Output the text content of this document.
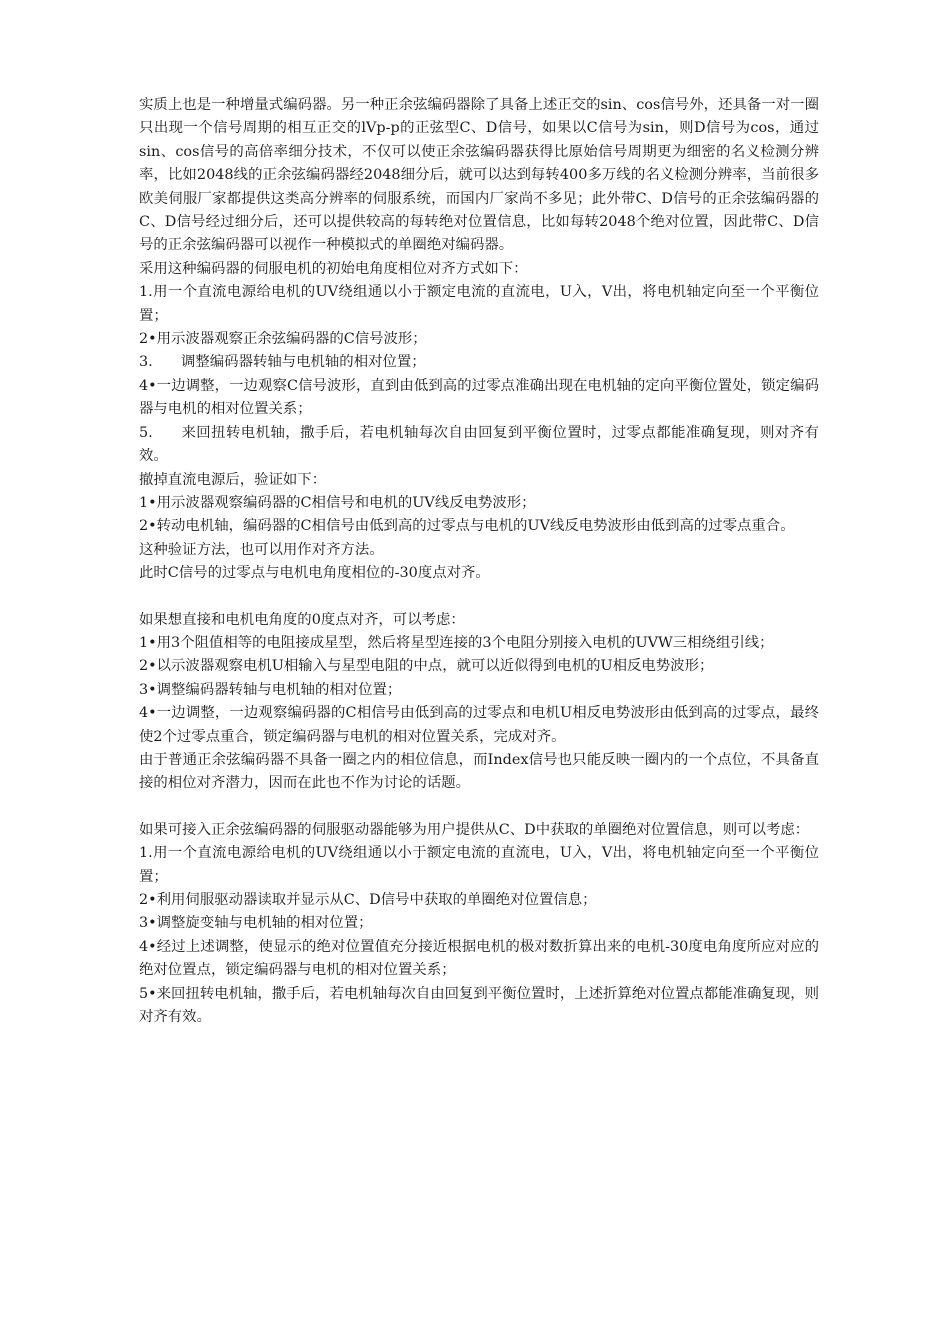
实质上也是一种增量式编码器。另一种正余弦编码器除了具备上述正交的sin、cos信号外，还具备一对一圈只出现一个信号周期的相互正交的lVp-p的正弦型C、D信号，如果以C信号为sin，则D信号为cos，通过sin、cos信号的高倍率细分技术，不仅可以使正余弦编码器获得比原始信号周期更为细密的名义检测分辨率，比如2048线的正余弦编码器经2048细分后，就可以达到每转400多万线的名义检测分辨率，当前很多欧美伺服厂家都提供这类高分辨率的伺服系统，而国内厂家尚不多见；此外带C、D信号的正余弦编码器的C、D信号经过细分后，还可以提供较高的每转绝对位置信息，比如每转2048个绝对位置，因此带C、D信号的正余弦编码器可以视作一种模拟式的单圈绝对编码器。

采用这种编码器的伺服电机的初始电角度相位对齐方式如下：

1.用一个直流电源给电机的UV绕组通以小于额定电流的直流电，U入，V出，将电机轴定向至一个平衡位置；

2•用示波器观察正余弦编码器的C信号波形；

3. 调整编码器转轴与电机轴的相对位置；

4•一边调整，一边观察C信号波形，直到由低到高的过零点准确出现在电机轴的定向平衡位置处，锁定编码器与电机的相对位置关系；

5. 来回扭转电机轴，撒手后，若电机轴每次自由回复到平衡位置时，过零点都能准确复现，则对齐有效。

撤掉直流电源后，验证如下：

1•用示波器观察编码器的C相信号和电机的UV线反电势波形；

2•转动电机轴，编码器的C相信号由低到高的过零点与电机的UV线反电势波形由低到高的过零点重合。

这种验证方法，也可以用作对齐方法。

此时C信号的过零点与电机电角度相位的-30度点对齐。

如果想直接和电机电角度的0度点对齐，可以考虑：

1•用3个阻值相等的电阻接成星型，然后将星型连接的3个电阻分别接入电机的UVW三相绕组引线；

2•以示波器观察电机U相输入与星型电阻的中点，就可以近似得到电机的U相反电势波形；

3•调整编码器转轴与电机轴的相对位置；

4•一边调整，一边观察编码器的C相信号由低到高的过零点和电机U相反电势波形由低到高的过零点，最终使2个过零点重合，锁定编码器与电机的相对位置关系，完成对齐。

由于普通正余弦编码器不具备一圈之内的相位信息，而Index信号也只能反映一圈内的一个点位，不具备直接的相位对齐潜力，因而在此也不作为讨论的话题。

如果可接入正余弦编码器的伺服驱动器能够为用户提供从C、D中获取的单圈绝对位置信息，则可以考虑：

1.用一个直流电源给电机的UV绕组通以小于额定电流的直流电，U入，V出，将电机轴定向至一个平衡位置；

2•利用伺服驱动器读取并显示从C、D信号中获取的单圈绝对位置信息；

3•调整旋变轴与电机轴的相对位置；

4•经过上述调整，使显示的绝对位置值充分接近根据电机的极对数折算出来的电机-30度电角度所应对应的绝对位置点，锁定编码器与电机的相对位置关系；

5•来回扭转电机轴，撒手后，若电机轴每次自由回复到平衡位置时，上述折算绝对位置点都能准确复现，则对齐有效。
